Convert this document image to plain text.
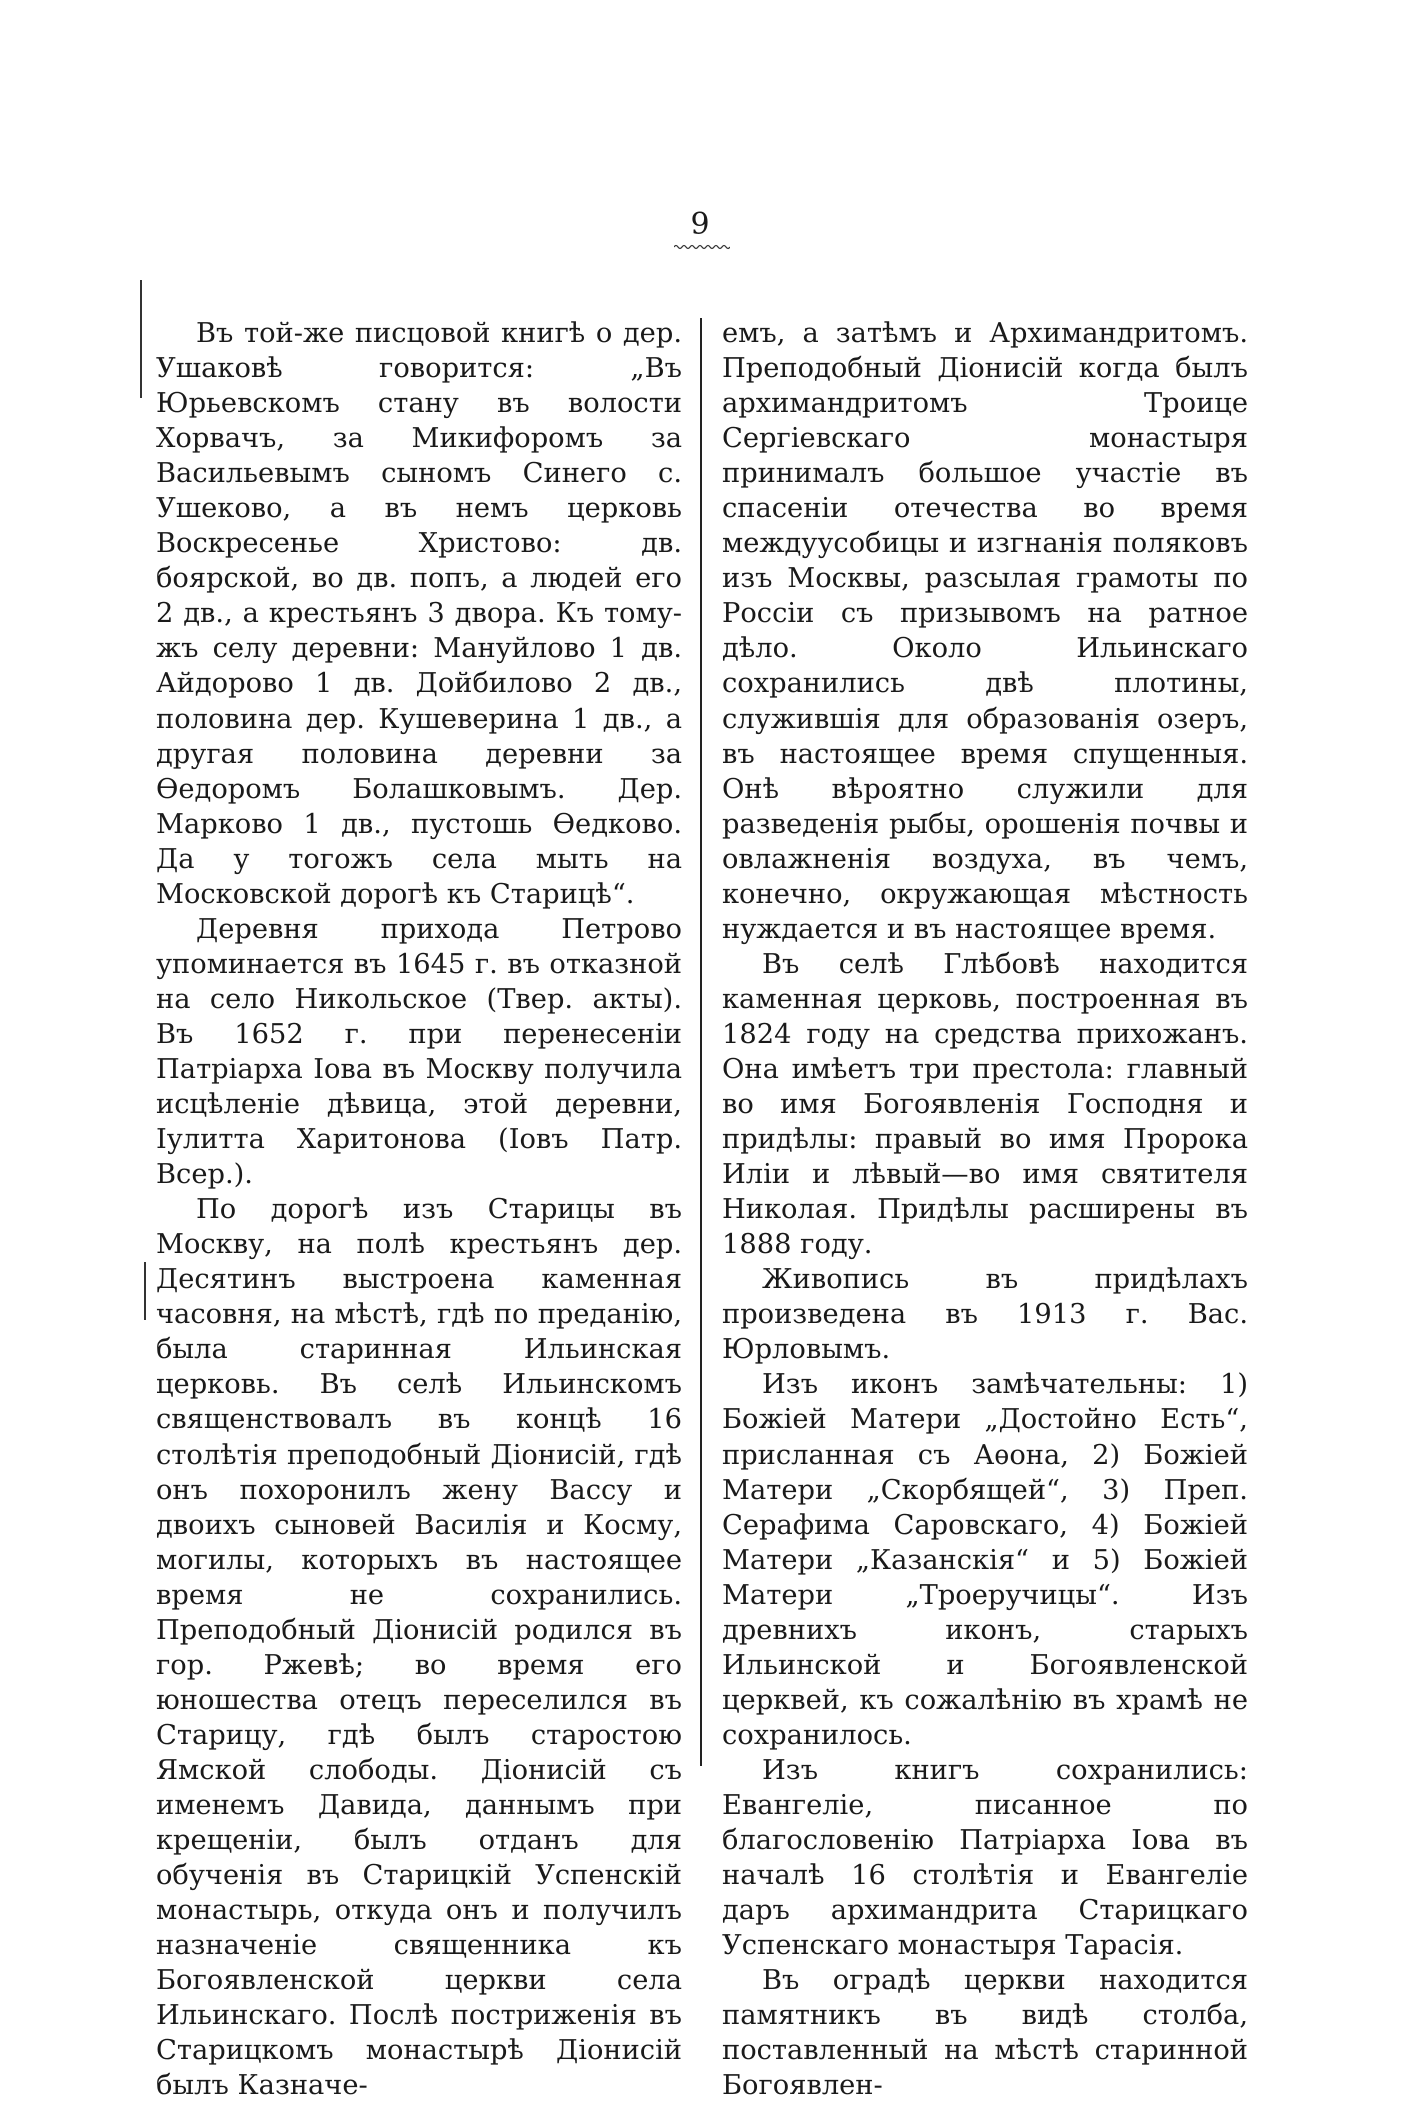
9

Въ той-же писцовой книгѣ о дер. Ушаковѣ говорится: „Въ Юрьевскомъ стану въ волости Хорвачъ, за Микифоромъ за Васильевымъ сыномъ Синего с. Ушеково, а въ немъ церковь Воскресенье Христово: дв. боярской, во дв. попъ, а людей его 2 дв., а крестьянъ 3 двора. Къ тому-жъ селу деревни: Мануйлово 1 дв. Айдорово 1 дв. Дойбилово 2 дв., половина дер. Кушеверина 1 дв., а другая половина деревни за Өедоромъ Болашковымъ. Дер. Марково 1 дв., пустошь Өедково. Да у тогожъ села мыть на Московской дорогѣ къ Старицѣ“.

Деревня прихода Петрово упоминается въ 1645 г. въ отказной на село Никольское (Твер. акты). Въ 1652 г. при перенесеніи Патріарха Іова въ Москву получила исцѣленіе дѣвица, этой деревни, Іулитта Харитонова (Іовъ Патр. Всер.).

По дорогѣ изъ Старицы въ Москву, на полѣ крестьянъ дер. Десятинъ выстроена каменная часовня, на мѣстѣ, гдѣ по преданію, была старинная Ильинская церковь. Въ селѣ Ильинскомъ священствовалъ въ концѣ 16 столѣтія преподобный Діонисій, гдѣ онъ похоронилъ жену Вассу и двоихъ сыновей Василія и Косму, могилы, которыхъ въ настоящее время не сохранились. Преподобный Діонисій родился въ гор. Ржевѣ; во время его юношества отецъ переселился въ Старицу, гдѣ былъ старостою Ямской слободы. Діонисій съ именемъ Давида, даннымъ при крещеніи, былъ отданъ для обученія въ Старицкій Успенскій монастырь, откуда онъ и получилъ назначеніе священника къ Богоявленской церкви села Ильинскаго. Послѣ постриженія въ Старицкомъ монастырѣ Діонисій былъ Казначе-

емъ, а затѣмъ и Архимандритомъ. Преподобный Діонисій когда былъ архимандритомъ Троице Сергіевскаго монастыря принималъ большое участіе въ спасеніи отечества во время междуусобицы и изгнанія поляковъ изъ Москвы, разсылая грамоты по Россіи съ призывомъ на ратное дѣло. Около Ильинскаго сохранились двѣ плотины, служившія для образованія озеръ, въ настоящее время спущенныя. Онѣ вѣроятно служили для разведенія рыбы, орошенія почвы и овлажненія воздуха, въ чемъ, конечно, окружающая мѣстность нуждается и въ настоящее время.

Въ селѣ Глѣбовѣ находится каменная церковь, построенная въ 1824 году на средства прихожанъ. Она имѣетъ три престола: главный во имя Богоявленія Господня и придѣлы: правый во имя Пророка Иліи и лѣвый—во имя святителя Николая. Придѣлы расширены въ 1888 году.

Живопись въ придѣлахъ произведена въ 1913 г. Вас. Юрловымъ.

Изъ иконъ замѣчательны: 1) Божіей Матери „Достойно Есть“, присланная съ Аѳона, 2) Божіей Матери „Скорбящей“, 3) Преп. Серафима Саровскаго, 4) Божіей Матери „Казанскія“ и 5) Божіей Матери „Троеручицы“. Изъ древнихъ иконъ, старыхъ Ильинской и Богоявленской церквей, къ сожалѣнію въ храмѣ не сохранилось.

Изъ книгъ сохранились: Евангеліе, писанное по благословенію Патріарха Іова въ началѣ 16 столѣтія и Евангеліе даръ архимандрита Старицкаго Успенскаго монастыря Тарасія.

Въ оградѣ церкви находится памятникъ въ видѣ столба, поставленный на мѣстѣ старинной Богоявлен-
